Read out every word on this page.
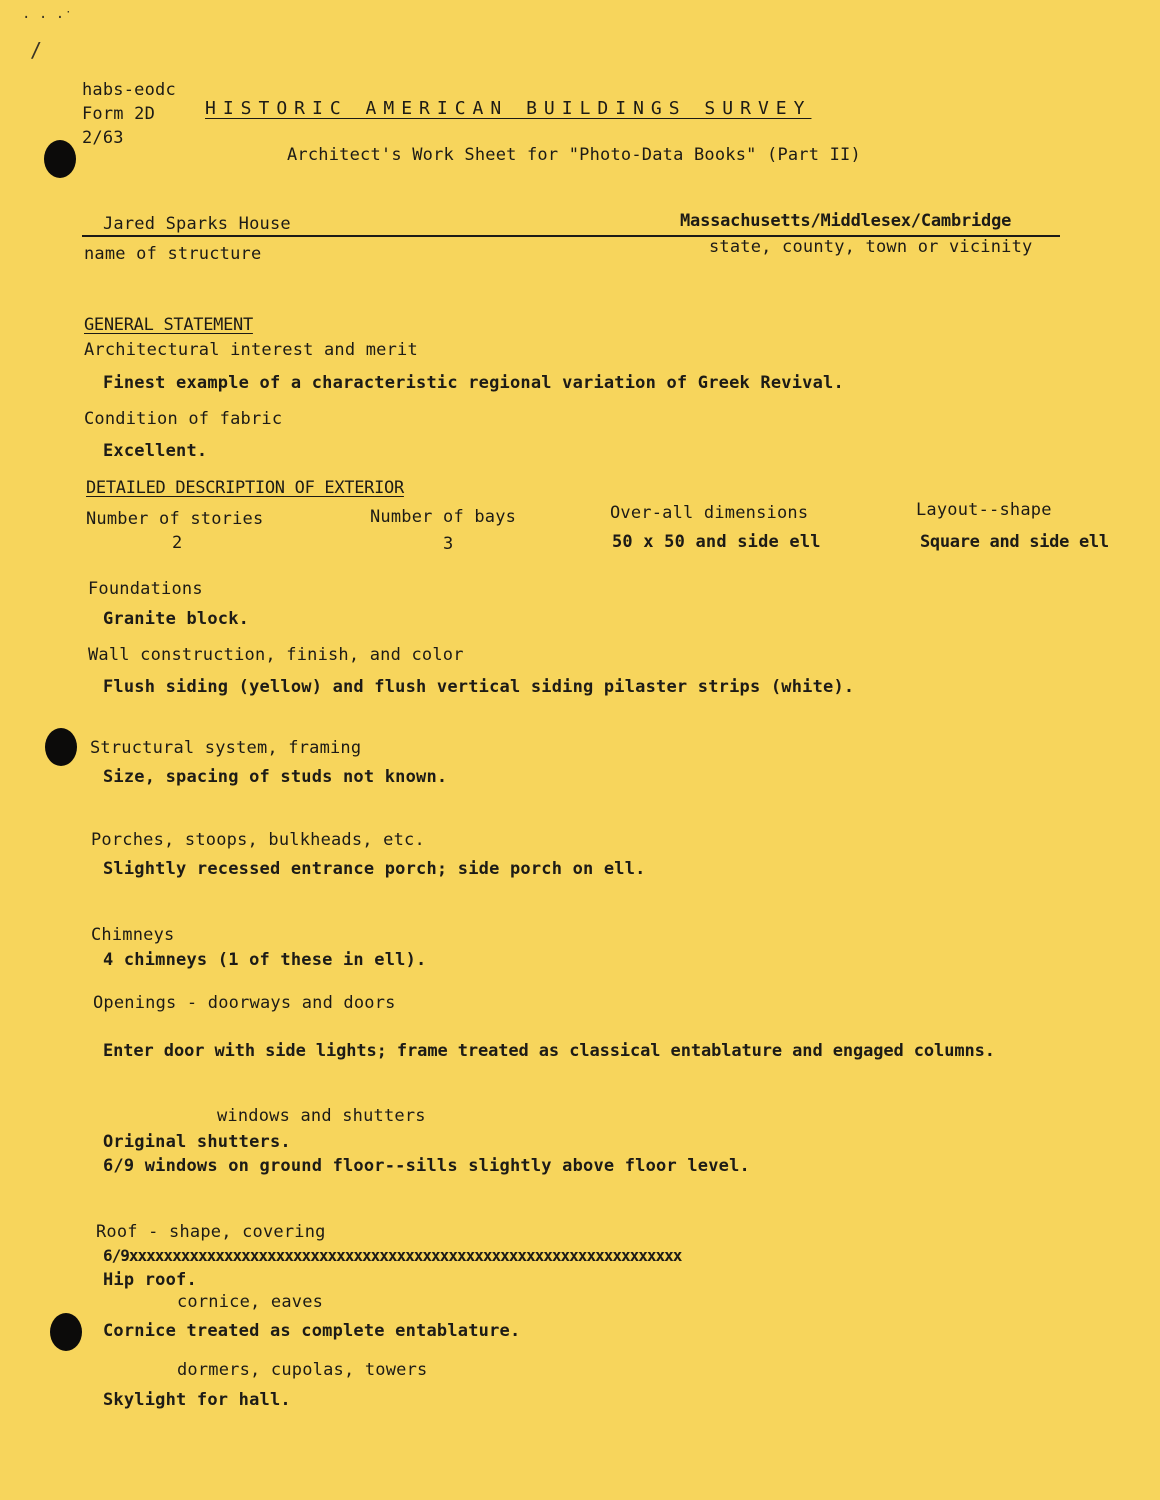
· · ·˙
/
habs-eodc
Form 2D
2/63
HISTORIC AMERICAN BUILDINGS SURVEY
Architect's Work Sheet for "Photo-Data Books" (Part II)
Jared Sparks House	Massachusetts/Middlesex/Cambridge
name of structure	state, county, town or vicinity
GENERAL STATEMENT
Architectural interest and merit
Finest example of a characteristic regional variation of Greek Revival.
Condition of fabric
Excellent.
DETAILED DESCRIPTION OF EXTERIOR
Number of stories
2
Number of bays
3
Over-all dimensions
50 x 50 and side ell
Layout--shape
Square and side ell
Foundations
Granite block.
Wall construction, finish, and color
Flush siding (yellow) and flush vertical siding pilaster strips (white).
Structural system, framing
Size, spacing of studs not known.
Porches, stoops, bulkheads, etc.
Slightly recessed entrance porch; side porch on ell.
Chimneys
4 chimneys (1 of these in ell).
Openings - doorways and doors
Enter door with side lights; frame treated as classical entablature and engaged columns.
windows and shutters
Original shutters.
6/9 windows on ground floor--sills slightly above floor level.
Roof - shape, covering
6/9xxxxxxxxxxxxxxxxxxxxxxxxxxxxxxxxxxxxxxxxxxxxxxxxxxxxxxxxxxxxxxxx
Hip roof.
cornice, eaves
Cornice treated as complete entablature.
dormers, cupolas, towers
Skylight for hall.
